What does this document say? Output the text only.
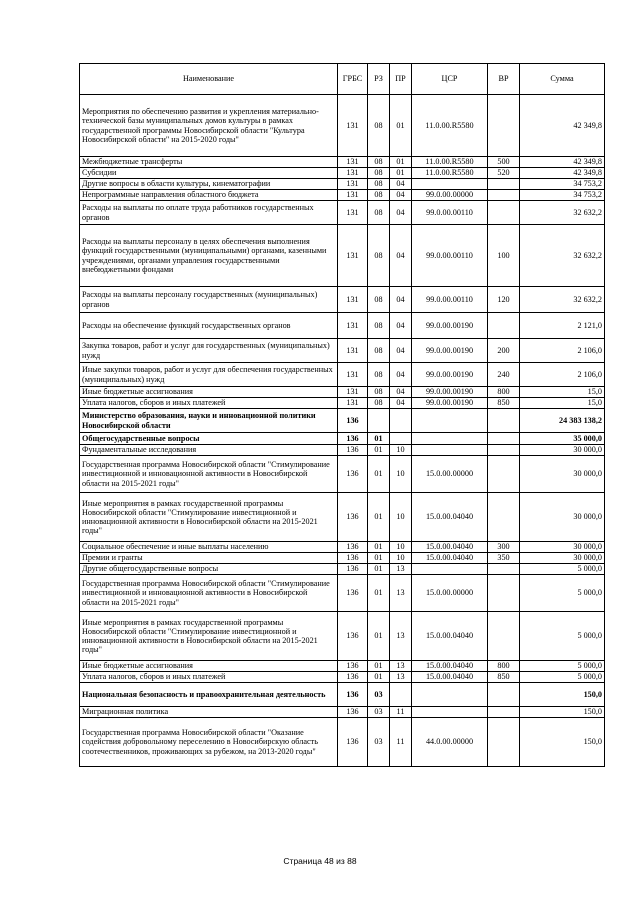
Наименование	ГРБС	РЗ	ПР	ЦСР	ВР	Сумма
Мероприятия по обеспечению развития и укрепления материально-технической базы муниципальных домов культуры в рамках государственной программы Новосибирской области "Культура Новосибирской области" на 2015-2020 годы"	131	08	01	11.0.00.R5580		42 349,8
Межбюджетные трансферты	131	08	01	11.0.00.R5580	500	42 349,8
Субсидии	131	08	01	11.0.00.R5580	520	42 349,8
Другие вопросы в области культуры, кинематографии	131	08	04			34 753,2
Непрограммные направления областного бюджета	131	08	04	99.0.00.00000		34 753,2
Расходы на выплаты по оплате труда работников государственных органов	131	08	04	99.0.00.00110		32 632,2
Расходы на выплаты персоналу в целях обеспечения выполнения функций государственными (муниципальными) органами, казенными учреждениями, органами управления государственными внебюджетными фондами	131	08	04	99.0.00.00110	100	32 632,2
Расходы на выплаты персоналу государственных (муниципальных) органов	131	08	04	99.0.00.00110	120	32 632,2
Расходы на обеспечение функций государственных органов	131	08	04	99.0.00.00190		2 121,0
Закупка товаров, работ и услуг для государственных (муниципальных) нужд	131	08	04	99.0.00.00190	200	2 106,0
Иные закупки товаров, работ и услуг для обеспечения государственных (муниципальных) нужд	131	08	04	99.0.00.00190	240	2 106,0
Иные бюджетные ассигнования	131	08	04	99.0.00.00190	800	15,0
Уплата налогов, сборов и иных платежей	131	08	04	99.0.00.00190	850	15,0
Министерство образования, науки и инновационной политики Новосибирской области	136					24 383 138,2
Общегосударственные вопросы	136	01				35 000,0
Фундаментальные исследования	136	01	10			30 000,0
Государственная программа Новосибирской области "Стимулирование инвестиционной и инновационной активности в Новосибирской области на 2015-2021 годы"	136	01	10	15.0.00.00000		30 000,0
Иные мероприятия в рамках государственной программы Новосибирской области "Стимулирование инвестиционной и инновационной активности в Новосибирской области на 2015-2021 годы"	136	01	10	15.0.00.04040		30 000,0
Социальное обеспечение и иные выплаты населению	136	01	10	15.0.00.04040	300	30 000,0
Премии и гранты	136	01	10	15.0.00.04040	350	30 000,0
Другие общегосударственные вопросы	136	01	13			5 000,0
Государственная программа Новосибирской области "Стимулирование инвестиционной и инновационной активности в Новосибирской области на 2015-2021 годы"	136	01	13	15.0.00.00000		5 000,0
Иные мероприятия в рамках государственной программы Новосибирской области "Стимулирование инвестиционной и инновационной активности в Новосибирской области на 2015-2021 годы"	136	01	13	15.0.00.04040		5 000,0
Иные бюджетные ассигнования	136	01	13	15.0.00.04040	800	5 000,0
Уплата налогов, сборов и иных платежей	136	01	13	15.0.00.04040	850	5 000,0
Национальная безопасность и правоохранительная деятельность	136	03				150,0
Миграционная политика	136	03	11			150,0
Государственная программа Новосибирской области "Оказание содействия добровольному переселению в Новосибирскую область соотечественников, проживающих за рубежом, на 2013-2020 годы"	136	03	11	44.0.00.00000		150,0
Страница 48 из 88
